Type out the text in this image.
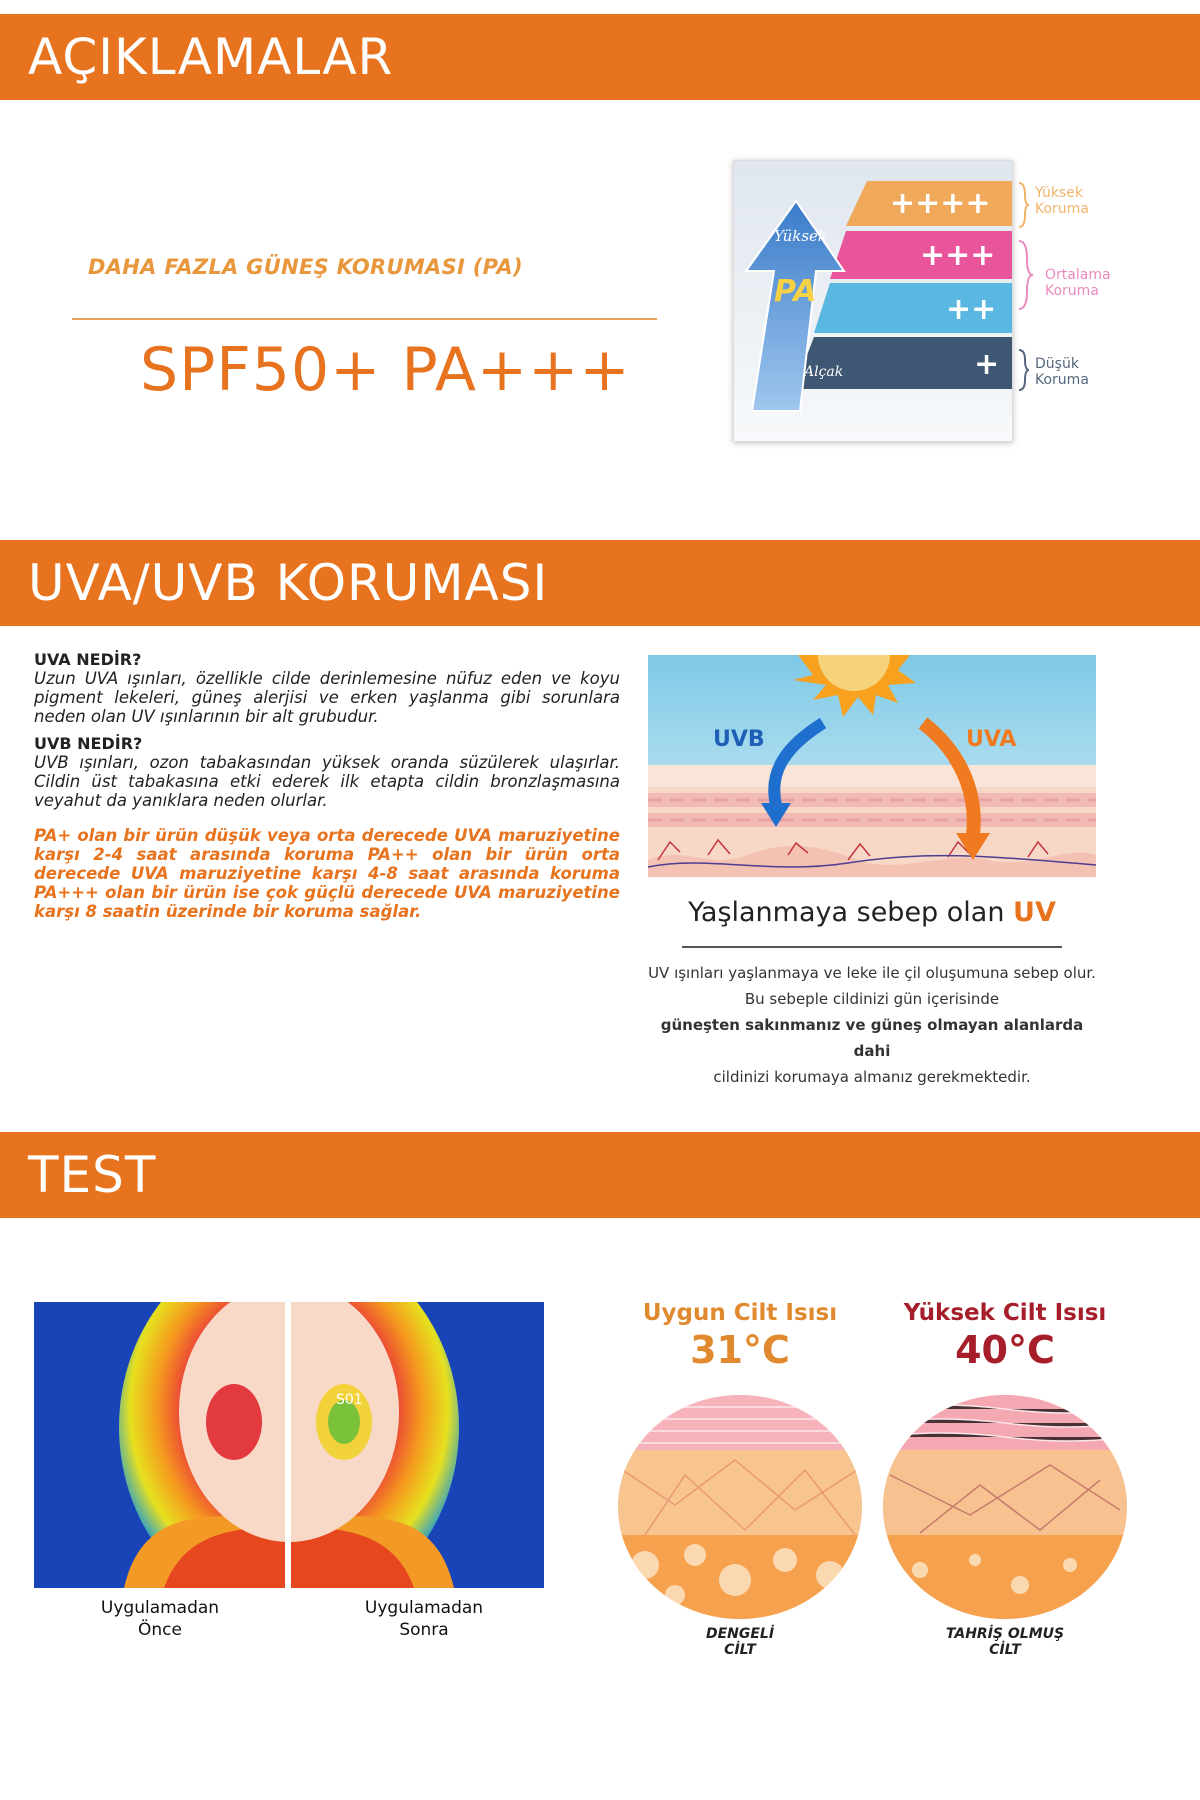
AÇIKLAMALAR
DAHA FAZLA GÜNEŞ KORUMASI (PA)
SPF50+ PA+++
Yüksek
PA
Alçak
++++
+++
++
+
Yüksek
Koruma
Ortalama
Koruma
Düşük
Koruma
UVA/UVB KORUMASI
UVA NEDİR?

Uzun UVA ışınları, özellikle cilde derinlemesine nüfuz eden ve koyu pigment lekeleri, güneş alerjisi ve erken yaşlanma gibi sorunlara neden olan UV ışınlarının bir alt grubudur.

UVB NEDİR?

UVB ışınları, ozon tabakasından yüksek oranda süzülerek ulaşırlar. Cildin üst tabakasına etki ederek ilk etapta cildin bronzlaşmasına veyahut da yanıklara neden olurlar.

PA+ olan bir ürün düşük veya orta derecede UVA maruziyetine karşı 2-4 saat arasında koruma PA++ olan bir ürün orta derecede UVA maruziyetine karşı 4-8 saat arasında koruma PA+++ olan bir ürün ise çok güçlü derecede UVA maruziyetine karşı 8 saatin üzerinde bir koruma sağlar.

UVB	UVA
Yaşlanmaya sebep olan UV
UV ışınları yaşlanmaya ve leke ile çil oluşumuna sebep olur.
Bu sebeple cildinizi gün içerisinde
güneşten sakınmanız ve güneş olmayan alanlarda dahi
cildinizi korumaya almanız gerekmektedir.
TEST
S01
Uygulamadan
Önce
Uygulamadan
Sonra
Uygun Cilt Isısı
31°C
Yüksek Cilt Isısı
40°C
DENGELİ
CİLT
TAHRİŞ OLMUŞ
CİLT
